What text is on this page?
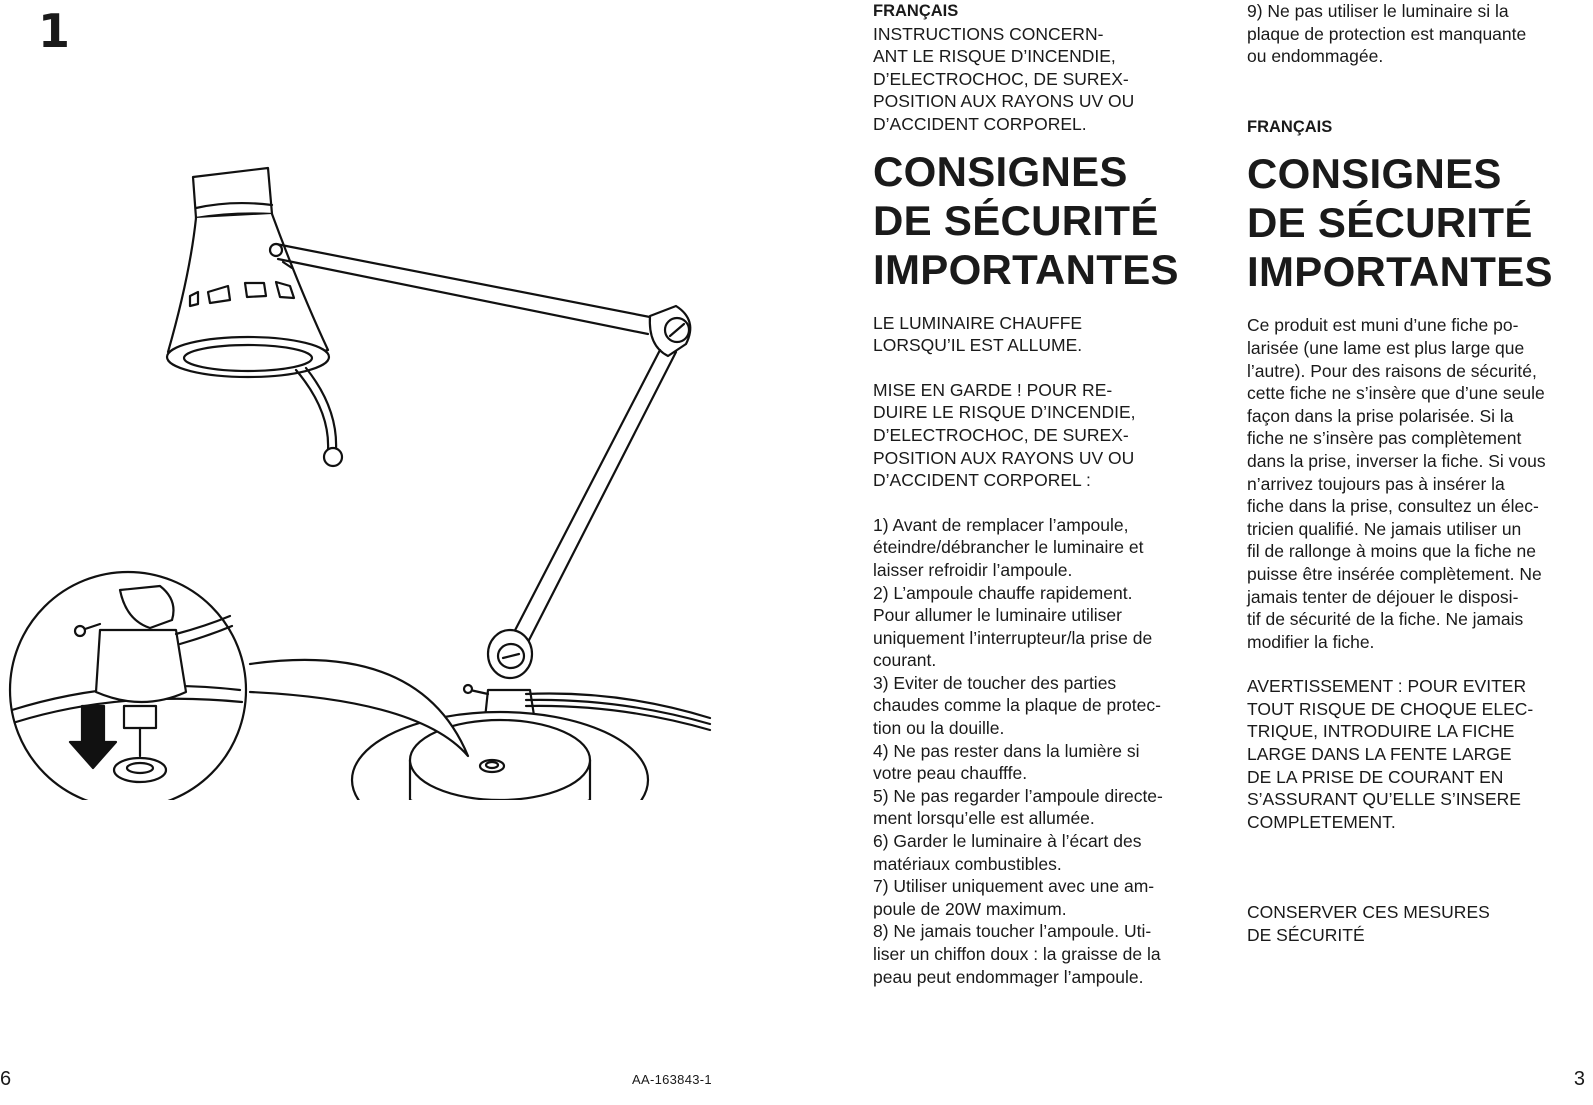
1	FRANÇAIS

INSTRUCTIONS CONCERN-
ANT LE RISQUE D’INCENDIE,
D’ELECTROCHOC, DE SUREX-
POSITION AUX RAYONS UV OU
D’ACCIDENT CORPOREL.

CONSIGNES
DE SÉCURITÉ
IMPORTANTES

LE LUMINAIRE CHAUFFE
LORSQU’IL EST ALLUME.

MISE EN GARDE ! POUR RE-
DUIRE LE RISQUE D’INCENDIE,
D’ELECTROCHOC, DE SUREX-
POSITION AUX RAYONS UV OU
D’ACCIDENT CORPOREL :

1) Avant de remplacer l’ampoule,
éteindre/débrancher le luminaire et
laisser refroidir l’ampoule.

2) L’ampoule chauffe rapidement.
Pour allumer le luminaire utiliser
uniquement l’interrupteur/la prise de
courant.

3) Eviter de toucher des parties
chaudes comme la plaque de protec-
tion ou la douille.

4) Ne pas rester dans la lumière si
votre peau chaufffe.

5) Ne pas regarder l’ampoule directe-
ment lorsqu’elle est allumée.

6) Garder le luminaire à l’écart des
matériaux combustibles.

7) Utiliser uniquement avec une am-
poule de 20W maximum.

8) Ne jamais toucher l’ampoule. Uti-
liser un chiffon doux : la graisse de la
peau peut endommager l’ampoule.

9) Ne pas utiliser le luminaire si la
plaque de protection est manquante
ou endommagée.

FRANÇAIS
CONSIGNES
DE SÉCURITÉ
IMPORTANTES

Ce produit est muni d’une fiche po-
larisée (une lame est plus large que
l’autre). Pour des raisons de sécurité,
cette fiche ne s’insère que d’une seule
façon dans la prise polarisée. Si la
fiche ne s’insère pas complètement
dans la prise, inverser la fiche. Si vous
n’arrivez toujours pas à insérer la
fiche dans la prise, consultez un élec-
tricien qualifié. Ne jamais utiliser un
fil de rallonge à moins que la fiche ne
puisse être insérée complètement. Ne
jamais tenter de déjouer le disposi-
tif de sécurité de la fiche. Ne jamais
modifier la fiche.

AVERTISSEMENT : POUR EVITER
TOUT RISQUE DE CHOQUE ELEC-
TRIQUE, INTRODUIRE LA FICHE
LARGE DANS LA FENTE LARGE
DE LA PRISE DE COURANT EN
S’ASSURANT QU’ELLE S’INSERE
COMPLETEMENT.

CONSERVER CES MESURES
DE SÉCURITÉ

6	AA-163843-1	3
